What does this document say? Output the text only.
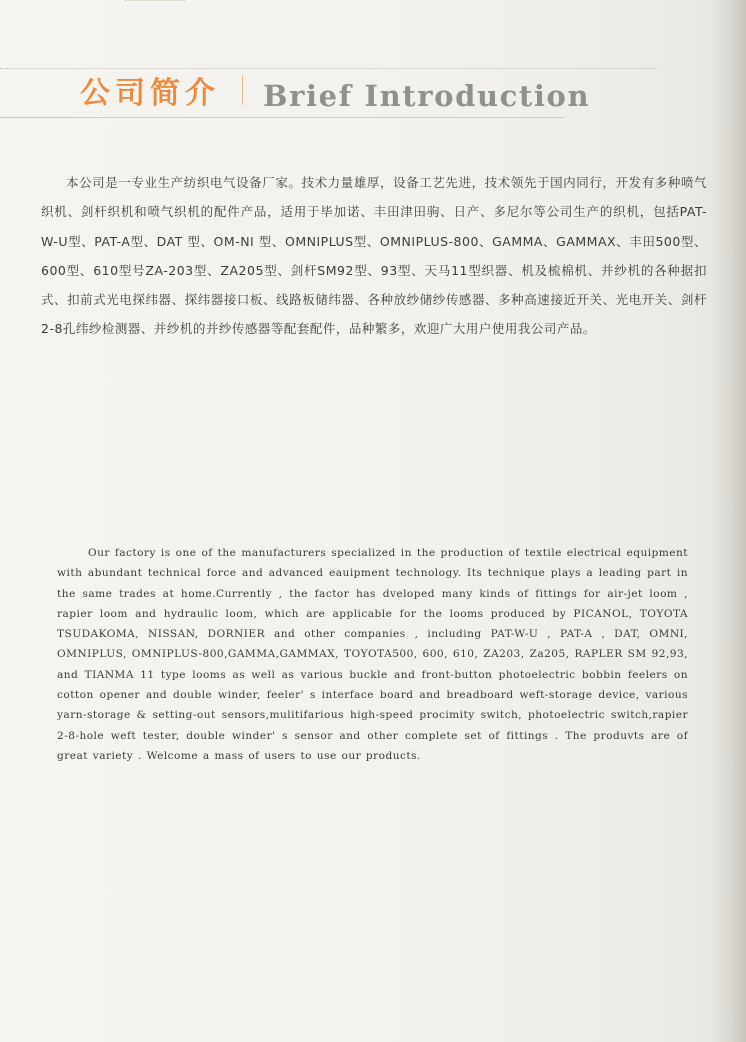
公司简介 Brief Introduction

本公司是一专业生产纺织电气设备厂家。技术力量雄厚，设备工艺先进，技术领先于国内同行，开发有多种喷气织机、剑杆织机和喷气织机的配件产品，适用于毕加诺、丰田津田驹、日产、多尼尔等公司生产的织机，包括PAT-W-U型、PAT-A型、DAT 型、OM-NI 型、OMNIPLUS型、OMNIPLUS-800、GAMMA、GAMMAX、丰田500型、600型、610型号ZA-203型、ZA205型、剑杆SM92型、93型、天马11型织器、机及梳棉机、并纱机的各种据扣式、扣前式光电探纬器、探纬器接口板、线路板储纬器、各种放纱储纱传感器、多种高速接近开关、光电开关、剑杆2-8孔纬纱检测器、并纱机的并纱传感器等配套配件，品种繁多，欢迎广大用户使用我公司产品。

Our factory is one of the manufacturers specialized in the production of textile electrical equipment with abundant technical force and advanced eauipment technology. Its technique plays a leading part in the same trades at home.Currently , the factor has dveloped many kinds of fittings for air-jet loom , rapier loom and hydraulic loom, which are applicable for the looms produced by PICANOL, TOYOTA TSUDAKOMA, NISSAN, DORNIER and other companies , including PAT-W-U , PAT-A , DAT, OMNI, OMNIPLUS, OMNIPLUS-800,GAMMA,GAMMAX, TOYOTA500, 600, 610, ZA203, Za205, RAPLER SM 92,93, and TIANMA 11 type looms as well as various buckle and front-button photoelectric bobbin feelers on cotton opener and double winder, feeler' s interface board and breadboard weft-storage device, various yarn-storage & setting-out sensors,mulitifarious high-speed procimity switch, photoelectric switch,rapier 2-8-hole weft tester, double winder' s sensor and other complete set of fittings . The produvts are of great variety . Welcome a mass of users to use our products.
